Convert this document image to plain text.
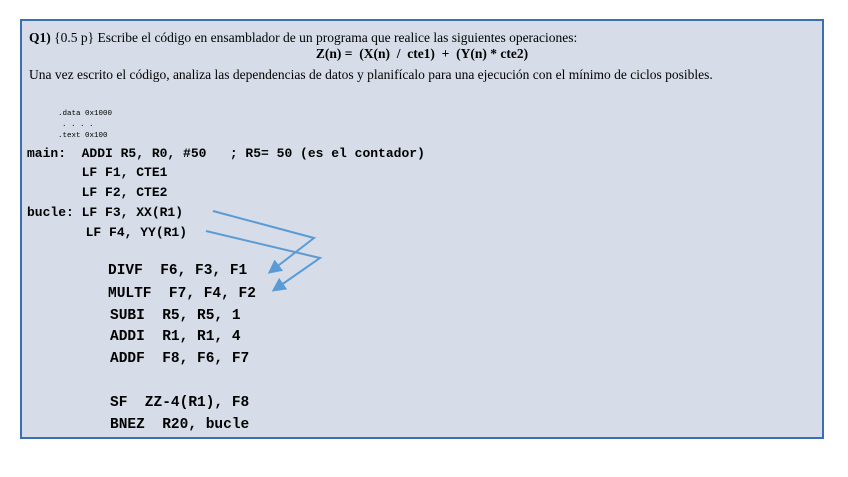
Q1) {0.5 p} Escribe el código en ensamblador de un programa que realice las siguientes operaciones:
Z(n) =  (X(n)  /  cte1)  +  (Y(n) * cte2)
Una vez escrito el código, analiza las dependencias de datos y planifícalo para una ejecución con el mínimo de ciclos posibles.
.data 0x1000
. . . .
.text 0x100
main:  ADDI R5, R0, #50   ; R5= 50 (es el contador)
LF F1, CTE1
LF F2, CTE2
bucle: LF F3, XX(R1)
LF F4, YY(R1)
DIVF  F6, F3, F1
MULTF  F7, F4, F2
SUBI  R5, R5, 1
ADDI  R1, R1, 4
ADDF  F8, F6, F7
SF  ZZ-4(R1), F8
BNEZ  R20, bucle
